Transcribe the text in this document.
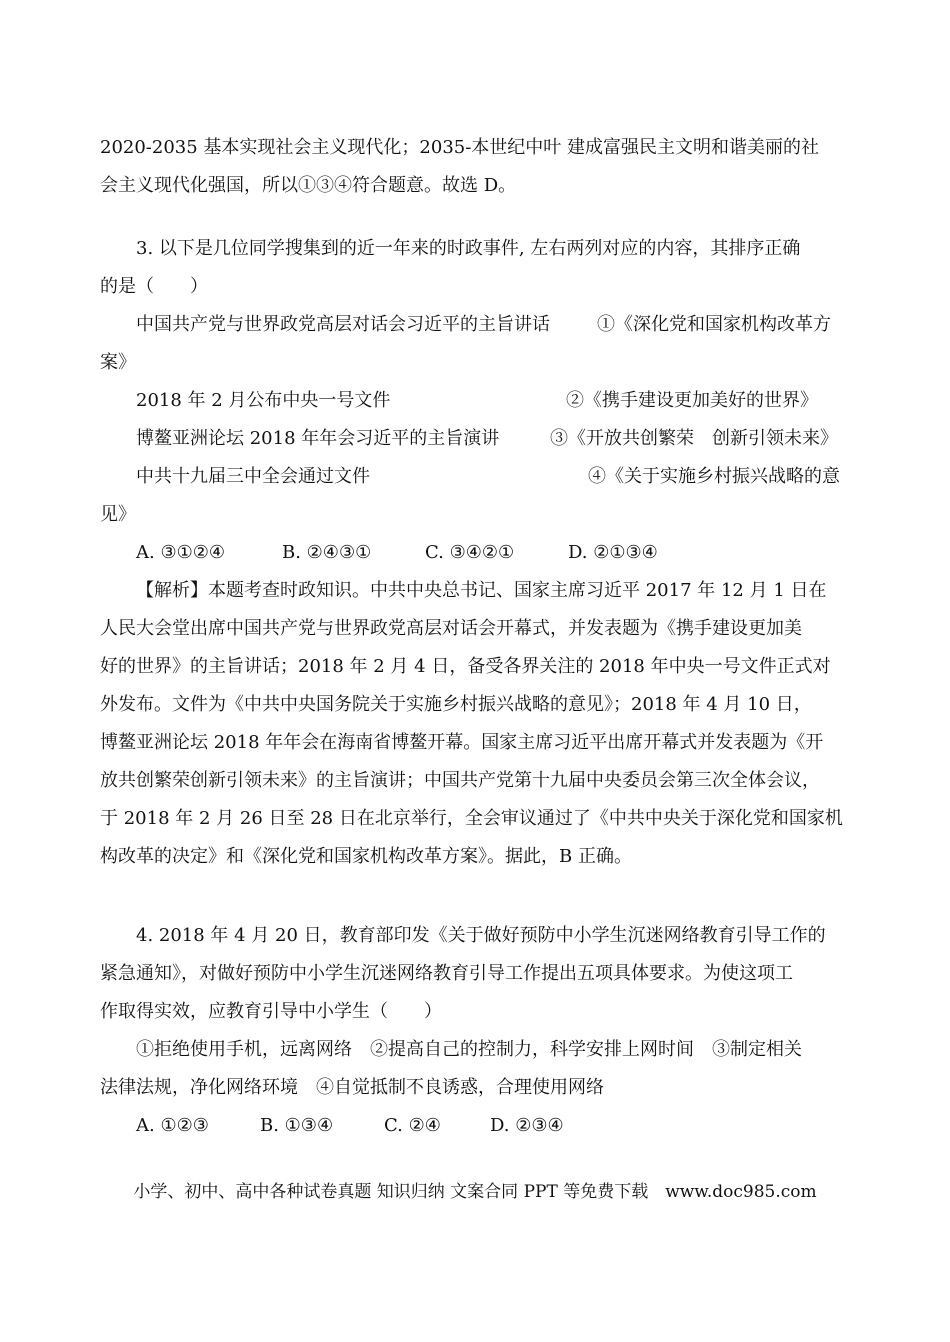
2020-2035 基本实现社会主义现代化；2035-本世纪中叶 建成富强民主文明和谐美丽的社
会主义现代化强国，所以①③④符合题意。故选 D。
3. 以下是几位同学搜集到的近一年来的时政事件, 左右两列对应的内容，其排序正确
的是（　　）
中国共产党与世界政党高层对话会习近平的主旨讲话	①《深化党和国家机构改革方
案》
2018 年 2 月公布中央一号文件	②《携手建设更加美好的世界》
博鳌亚洲论坛 2018 年年会习近平的主旨演讲	③《开放共创繁荣　创新引领未来》
中共十九届三中全会通过文件	④《关于实施乡村振兴战略的意
见》
A. ③①②④	B. ②④③①	C. ③④②①	D. ②①③④
【解析】本题考查时政知识。中共中央总书记、国家主席习近平 2017 年 12 月 1 日在
人民大会堂出席中国共产党与世界政党高层对话会开幕式，并发表题为《携手建设更加美
好的世界》的主旨讲话；2018 年 2 月 4 日，备受各界关注的 2018 年中央一号文件正式对
外发布。文件为《中共中央国务院关于实施乡村振兴战略的意见》；2018 年 4 月 10 日，
博鳌亚洲论坛 2018 年年会在海南省博鳌开幕。国家主席习近平出席开幕式并发表题为《开
放共创繁荣创新引领未来》的主旨演讲；中国共产党第十九届中央委员会第三次全体会议，
于 2018 年 2 月 26 日至 28 日在北京举行，全会审议通过了《中共中央关于深化党和国家机
构改革的决定》和《深化党和国家机构改革方案》。据此，B 正确。
4. 2018 年 4 月 20 日，教育部印发《关于做好预防中小学生沉迷网络教育引导工作的
紧急通知》，对做好预防中小学生沉迷网络教育引导工作提出五项具体要求。为使这项工
作取得实效，应教育引导中小学生（　　）
①拒绝使用手机，远离网络　②提高自己的控制力，科学安排上网时间　③制定相关
法律法规，净化网络环境　④自觉抵制不良诱惑，合理使用网络
A. ①②③	B. ①③④	C. ②④	D. ②③④
小学、初中、高中各种试卷真题 知识归纳 文案合同 PPT 等免费下载　www.doc985.com
